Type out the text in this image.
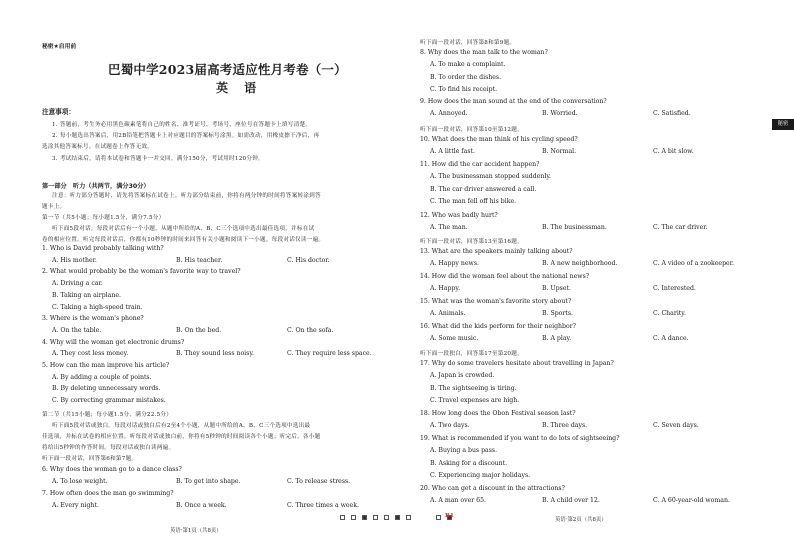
秘密★启用前
巴蜀中学2023届高考适应性月考卷（一）
英 语
注意事项：
1. 答题前，考生务必用黑色碳素笔将自己的姓名、准考证号、考场号、座位号在答题卡上填写清楚。
2. 每小题选出答案后，用2B铅笔把答题卡上对应题目的答案标号涂黑。如需改动，用橡皮擦干净后，再
选涂其他答案标号。在试题卷上作答无效。
3. 考试结束后，请将本试卷和答题卡一并交回。满分150分，考试用时120分钟。
第一部分　听力（共两节，满分30分）
注意：听力部分答题时，请先将答案标在试卷上。听力部分结束前，你将有两分钟的时间将答案转涂到答
题卡上。
第一节（共5小题；每小题1.5分，满分7.5分）
听下面5段对话。每段对话后有一个小题，从题中所给的A、B、C三个选项中选出最佳选项，并标在试
卷的相应位置。听完每段对话后，你都有10秒钟的时间来回答有关小题和阅读下一小题。每段对话仅读一遍。
1. Who is David probably talking with?
A. His mother.	B. His teacher.	C. His doctor.
2. What would probably be the woman's favorite way to travel?
A. Driving a car.
B. Taking an airplane.
C. Taking a high-speed train.
3. Where is the woman's phone?
A. On the table.	B. On the bed.	C. On the sofa.
4. Why will the woman get electronic drums?
A. They cost less money.	B. They sound less noisy.	C. They require less space.
5. How can the man improve his article?
A. By adding a couple of points.
B. By deleting unnecessary words.
C. By correcting grammar mistakes.
第二节（共15小题；每小题1.5分，满分22.5分）
听下面5段对话或独白。每段对话或独白后有2至4个小题，从题中所给的A、B、C三个选项中选出最
佳选项，并标在试卷的相应位置。听每段对话或独白前，你将有5秒钟的时间阅读各个小题；听完后，各小题
将给出5秒钟的作答时间。每段对话或独白读两遍。
听下面一段对话，回答第6和第7题。
6. Why does the woman go to a dance class?
A. To lose weight.	B. To get into shape.	C. To release stress.
7. How often does the man go swimming?
A. Every night.	B. Once a week.	C. Three times a week.
英语·第1页（共8页）
听下面一段对话，回答第8和第9题。
听下面一段对话，回答第10至第12题。
听下面一段对话，回答第13至第16题。
听下面一段独白，回答第17至第20题。
8. Why does the man talk to the woman?
A. To make a complaint.
B. To order the dishes.
C. To find his receipt.
9. How does the man sound at the end of the conversation?
A. Annoyed.	B. Worried.	C. Satisfied.
10. What does the man think of his cycling speed?
A. A little fast.	B. Normal.	C. A bit slow.
11. How did the car accident happen?
A. The businessman stopped suddenly.
B. The car driver answered a call.
C. The man fell off his bike.
12. Who was badly hurt?
A. The man.	B. The businessman.	C. The car driver.
13. What are the speakers mainly talking about?
A. Happy news.	B. A new neighborhood.	C. A video of a zookeeper.
14. How did the woman feel about the national news?
A. Happy.	B. Upset.	C. Interested.
15. What was the woman's favorite story about?
A. Animals.	B. Sports.	C. Charity.
16. What did the kids perform for their neighbor?
A. Some music.	B. A play.	C. A dance.
17. Why do some travelers hesitate about travelling in Japan?
A. Japan is crowded.
B. The sightseeing is tiring.
C. Travel expenses are high.
18. How long does the Obon Festival season last?
A. Two days.	B. Three days.	C. Seven days.
19. What is recommended if you want to do lots of sightseeing?
A. Buying a bus pass.
B. Asking for a discount.
C. Experiencing major holidays.
20. Who can get a discount in the attractions?
A. A man over 65.	B. A child over 12.	C. A 60-year-old woman.
英语·第2页（共8页）
秘密
B1
